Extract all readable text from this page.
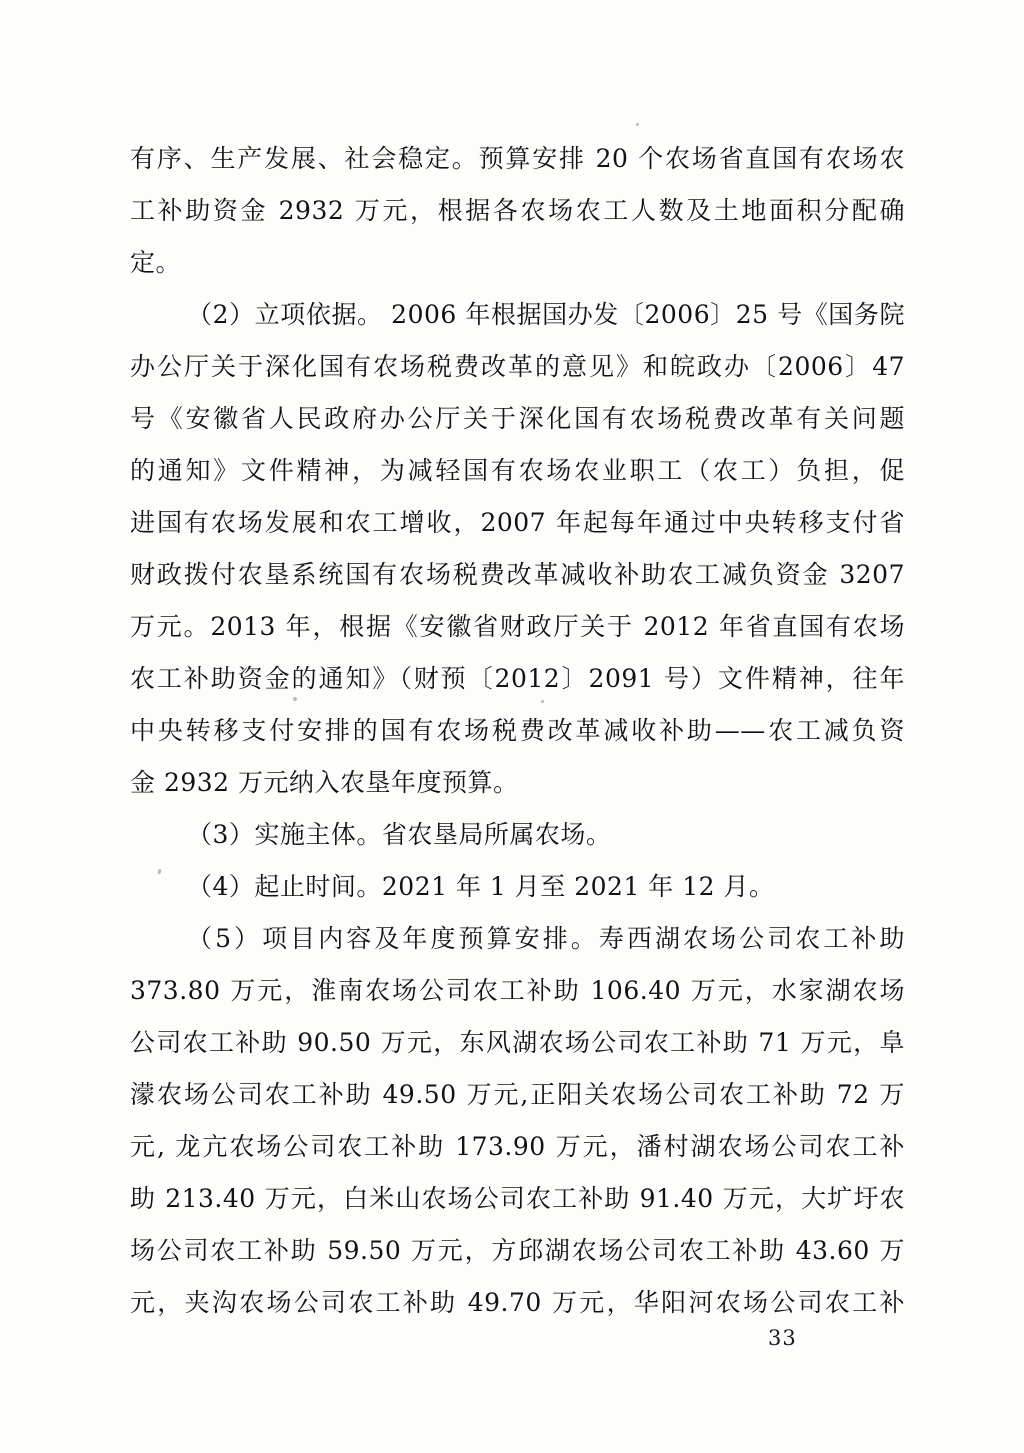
有序、生产发展、社会稳定。预算安排 20 个农场省直国有农场农
工补助资金 2932 万元，根据各农场农工人数及土地面积分配确
定。
（2）立项依据。 2006 年根据国办发〔2006〕25 号《国务院
办公厅关于深化国有农场税费改革的意见》和皖政办〔2006〕47
号《安徽省人民政府办公厅关于深化国有农场税费改革有关问题
的通知》文件精神，为减轻国有农场农业职工（农工）负担，促
进国有农场发展和农工增收，2007 年起每年通过中央转移支付省
财政拨付农垦系统国有农场税费改革减收补助农工减负资金 3207
万元。2013 年，根据《安徽省财政厅关于 2012 年省直国有农场
农工补助资金的通知》（财预〔2012〕2091 号）文件精神，往年
中央转移支付安排的国有农场税费改革减收补助——农工减负资
金 2932 万元纳入农垦年度预算。
（3）实施主体。省农垦局所属农场。
（4）起止时间。2021 年 1 月至 2021 年 12 月。
（5）项目内容及年度预算安排。寿西湖农场公司农工补助
373.80 万元，淮南农场公司农工补助 106.40 万元，水家湖农场
公司农工补助 90.50 万元，东风湖农场公司农工补助 71 万元，阜
濛农场公司农工补助 49.50 万元,正阳关农场公司农工补助 72 万
元, 龙亢农场公司农工补助 173.90 万元，潘村湖农场公司农工补
助 213.40 万元，白米山农场公司农工补助 91.40 万元，大圹圩农
场公司农工补助 59.50 万元，方邱湖农场公司农工补助 43.60 万
元，夹沟农场公司农工补助 49.70 万元，华阳河农场公司农工补
33
